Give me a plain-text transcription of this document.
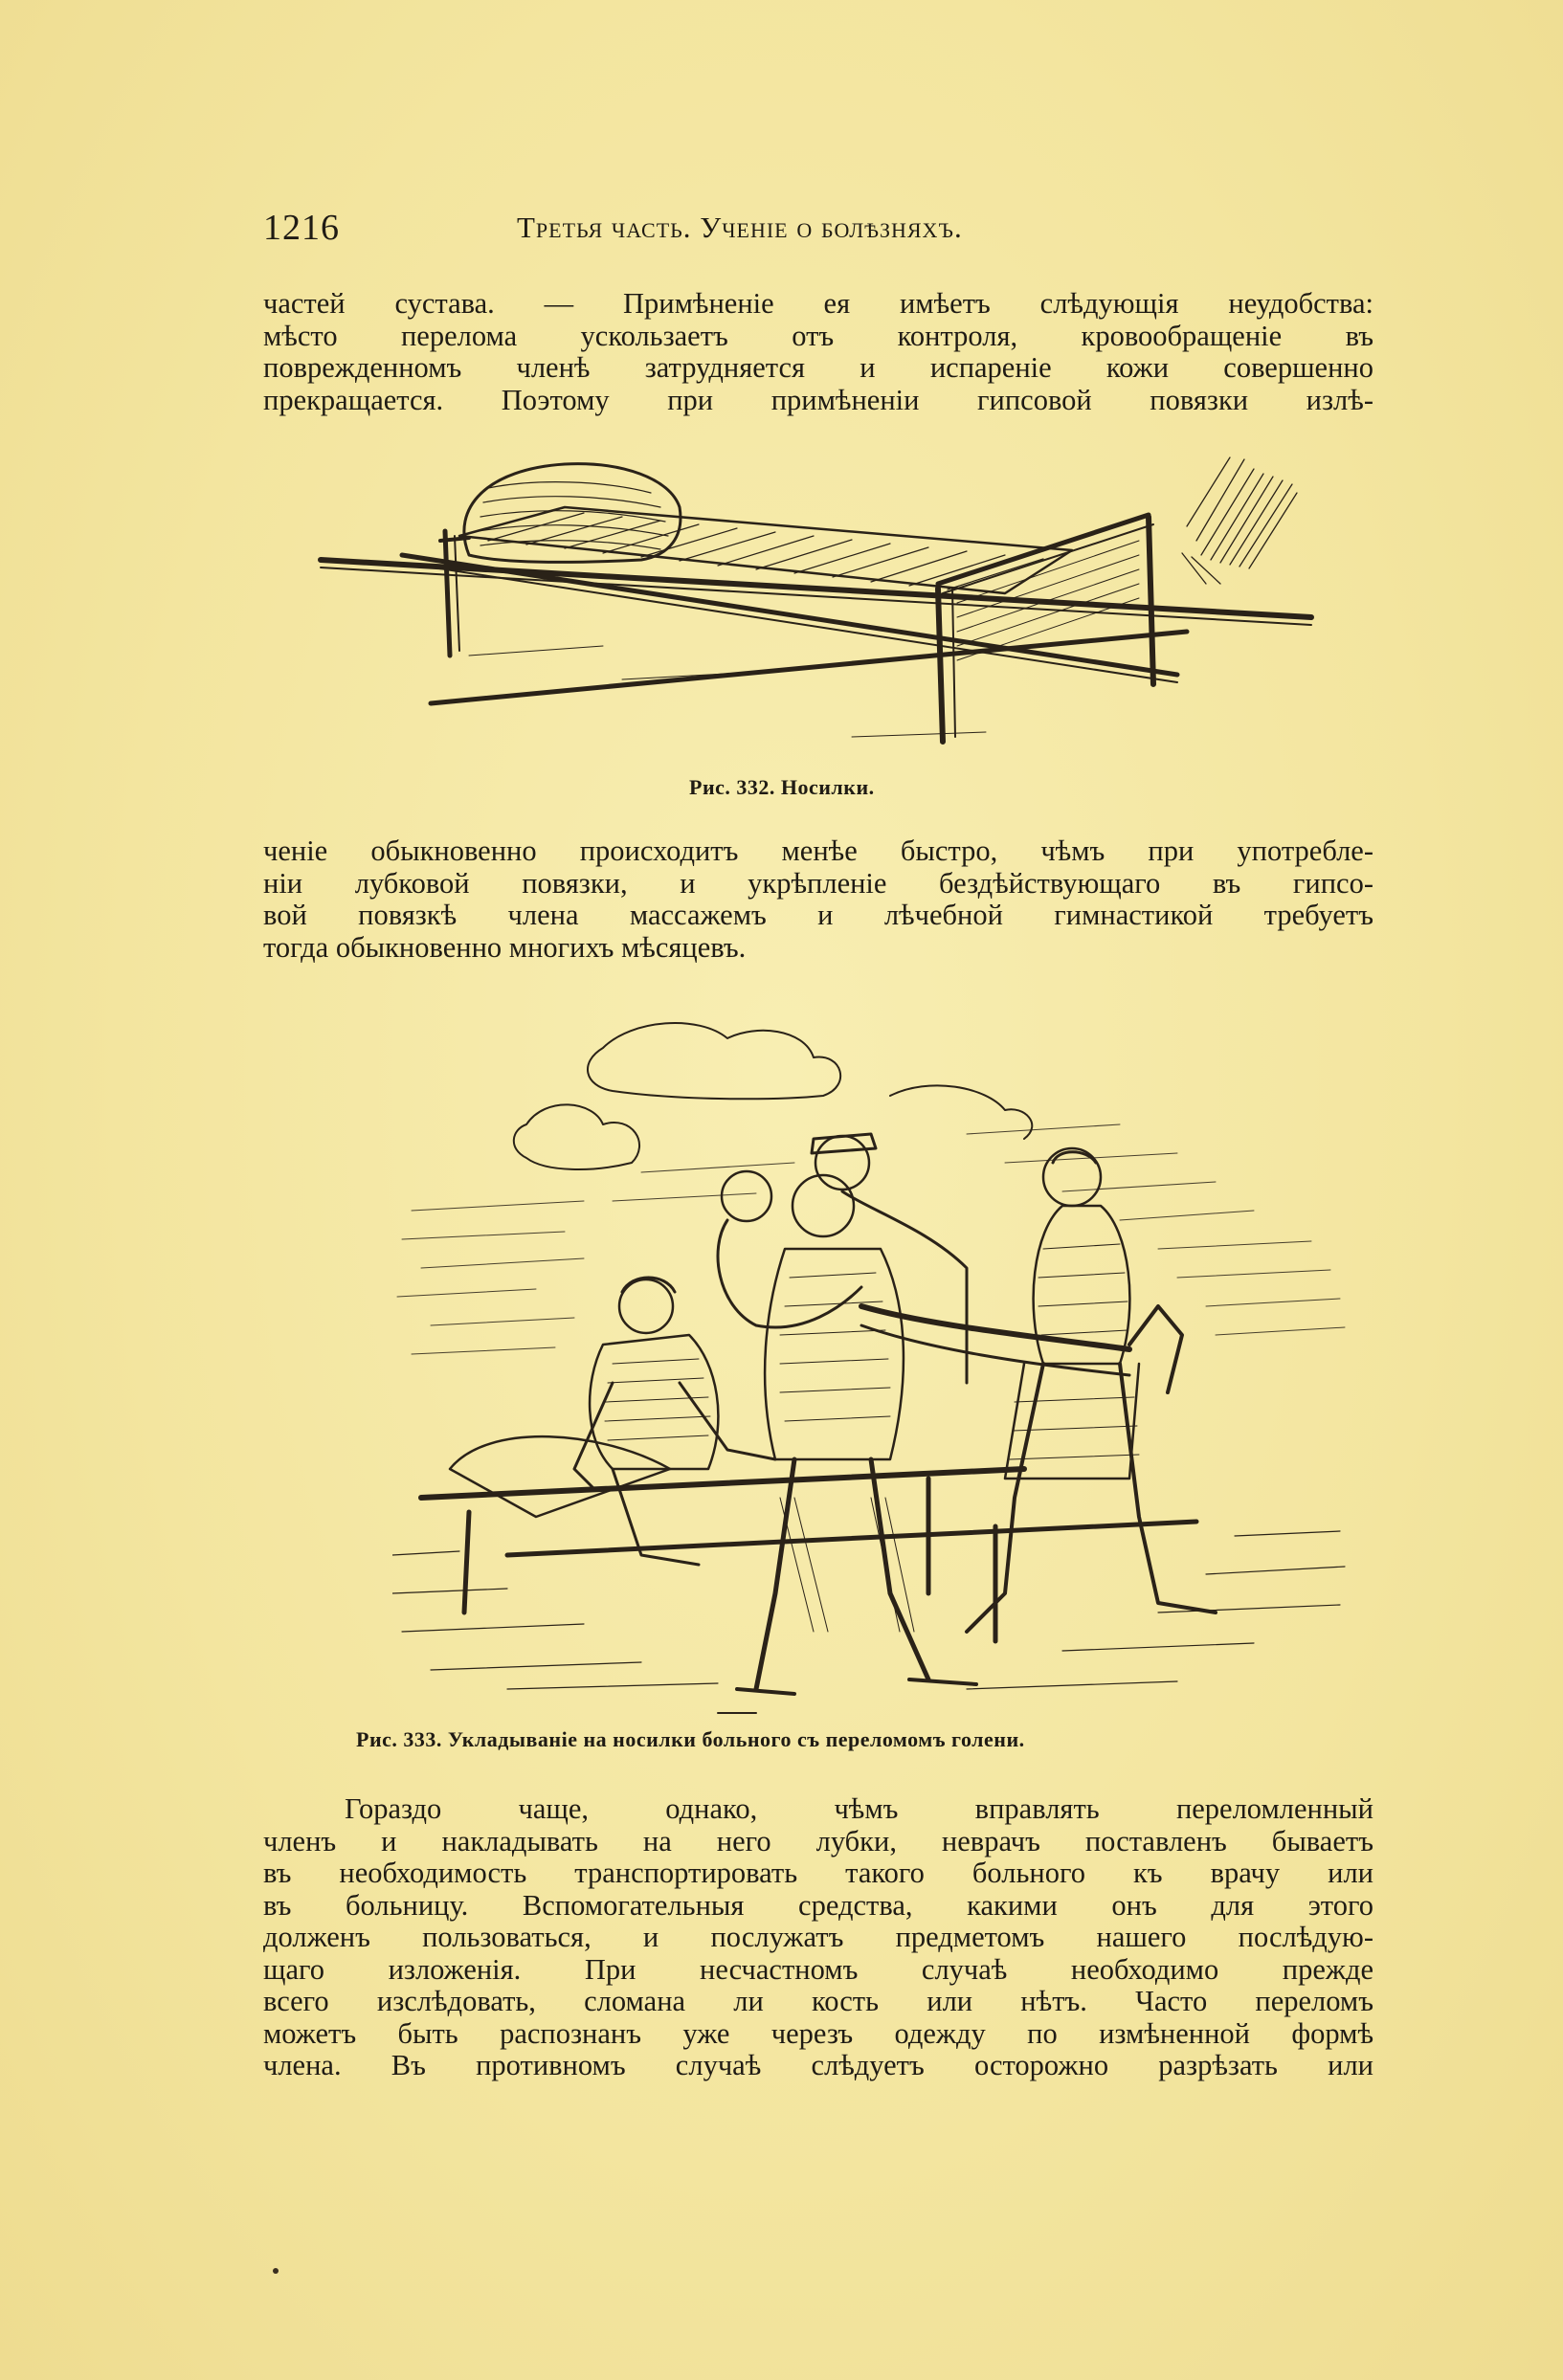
1216	Третья часть. Ученіе о болѣзняхъ.
частей сустава. — Примѣненіе ея имѣетъ слѣдующія неудобства:
мѣсто перелома ускользаетъ отъ контроля, кровообращеніе въ
поврежденномъ членѣ затрудняется и испареніе кожи совершенно
прекращается. Поэтому при примѣненіи гипсовой повязки излѣ-
Рис. 332. Носилки.
ченіе обыкновенно происходитъ менѣе быстро, чѣмъ при употребле-
ніи лубковой повязки, и укрѣпленіе бездѣйствующаго въ гипсо-
вой повязкѣ члена массажемъ и лѣчебной гимнастикой требуетъ
тогда обыкновенно многихъ мѣсяцевъ.
Рис. 333. Укладываніе на носилки больного съ переломомъ голени.
Гораздо чаще, однако, чѣмъ вправлять переломленный
членъ и накладывать на него лубки, неврачъ поставленъ бываетъ
въ необходимость транспортировать такого больного къ врачу или
въ больницу. Вспомогательныя средства, какими онъ для этого
долженъ пользоваться, и послужатъ предметомъ нашего послѣдую-
щаго изложенія. При несчастномъ случаѣ необходимо прежде
всего изслѣдовать, сломана ли кость или нѣтъ. Часто переломъ
можетъ быть распознанъ уже черезъ одежду по измѣненной формѣ
члена. Въ противномъ случаѣ слѣдуетъ осторожно разрѣзать или
